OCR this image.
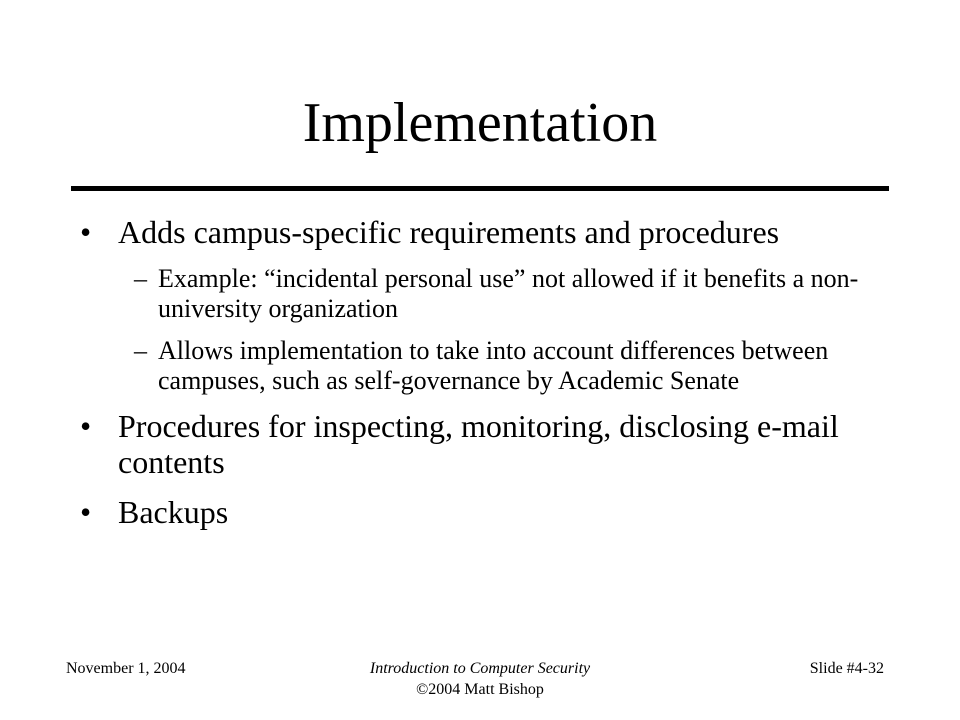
Implementation
• Adds campus-specific requirements and procedures
– Example: “incidental personal use” not allowed if it benefits a non-university organization
– Allows implementation to take into account differences between campuses, such as self-governance by Academic Senate
• Procedures for inspecting, monitoring, disclosing e-mail contents
• Backups
November 1, 2004	Introduction to Computer Security
©2004 Matt Bishop
Slide #4-32
